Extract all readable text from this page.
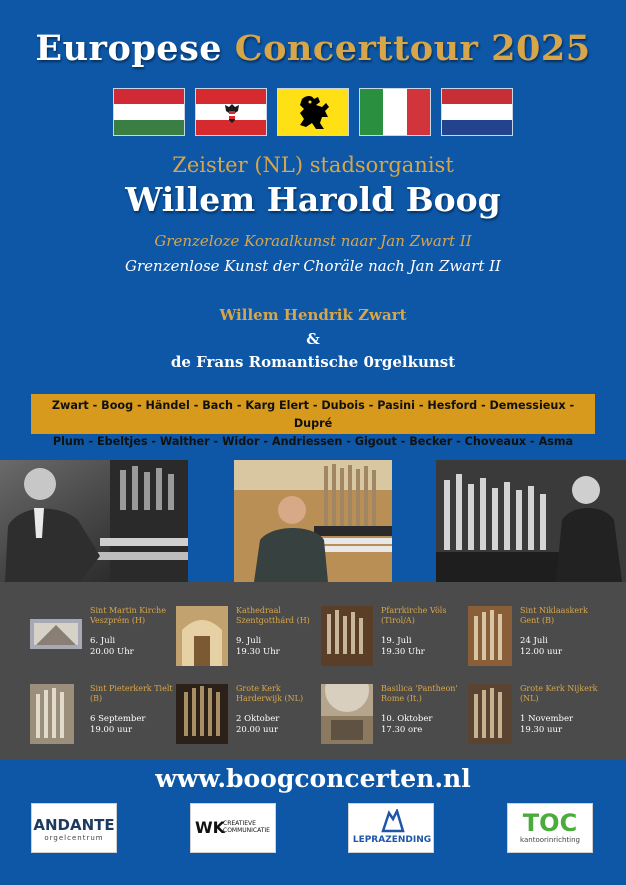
Europese Concerttour 2025
Zeister (NL) stadsorganist
Willem Harold Boog
Grenzeloze Koraalkunst naar Jan Zwart II
Grenzenlose Kunst der Choräle nach Jan Zwart II
Willem Hendrik Zwart
&
de Frans Romantische 0rgelkunst
Zwart - Boog - Händel - Bach - Karg Elert - Dubois - Pasini - Hesford - Demessieux - Dupré
Plum - Ebeltjes - Walther - Widor - Andriessen - Gigout - Becker - Choveaux - Asma
Sint Martin Kirche Veszprém (H)
6. Juli
20.00 Uhr
Kathedraal Szentgotthárd (H)
9. Juli
19.30 Uhr
Pfarrkirche Völs (Tirol/A)
19. Juli
19.30 Uhr
Sint Niklaaskerk Gent (B)
24 Juli
12.00 uur
Sint Pieterkerk Tielt (B)
6 September
19.00 uur
Grote Kerk Harderwijk (NL)
2 Oktober
20.00 uur
Basilica 'Pantheon' Rome (It.)
10. Oktober
17.30 ore
Grote Kerk Nijkerk (NL)
1 November
19.30 uur
www.boogconcerten.nl
ANDANTE
orgelcentrum
WK
CREATIEVE COMMUNICATIE
LEPRAZENDING
TOC
kantoorinrichting
